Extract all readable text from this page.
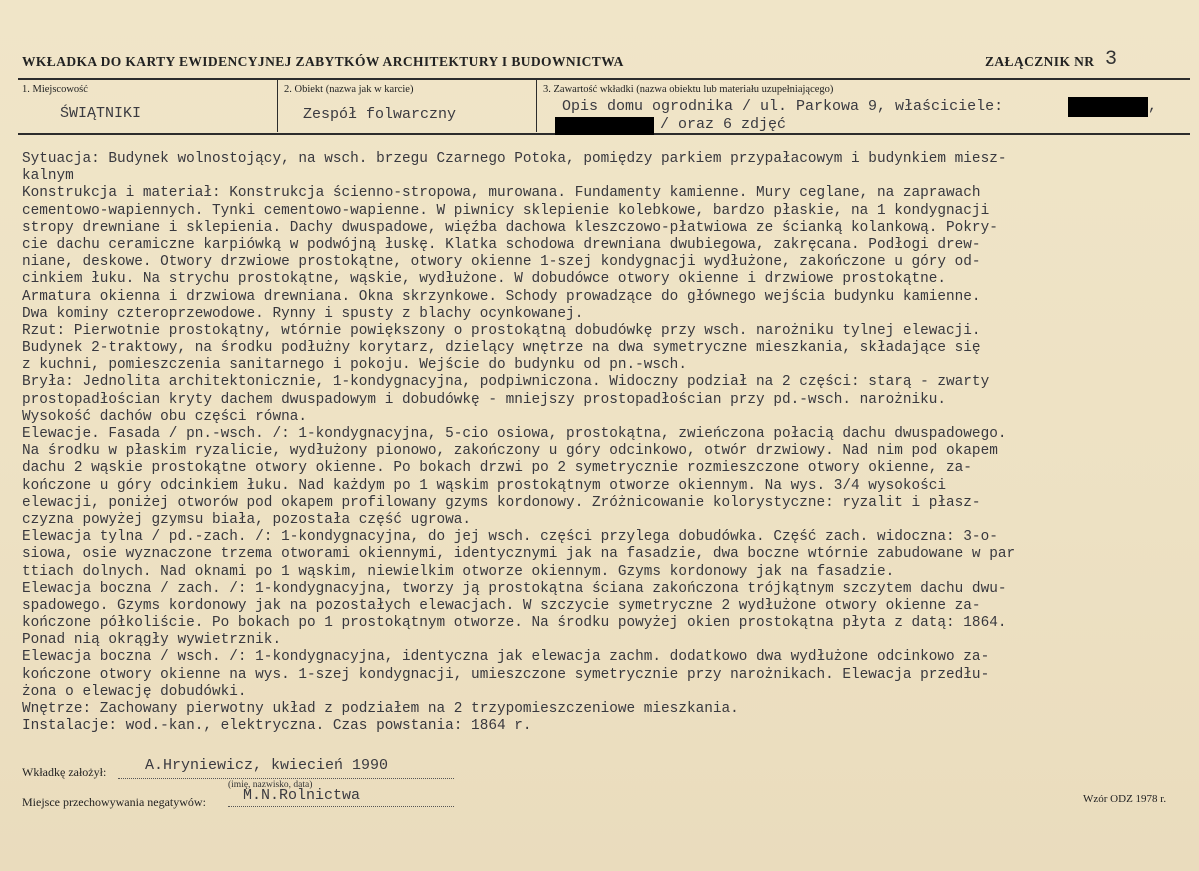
WKŁADKA DO KARTY EWIDENCYJNEJ ZABYTKÓW ARCHITEKTURY I BUDOWNICTWA	ZAŁĄCZNIK NR 3
1. Miejscowość
ŚWIĄTNIKI
2. Obiekt (nazwa jak w karcie)
Zespół folwarczny
3. Zawartość wkładki (nazwa obiektu lub materiału uzupełniającego)
Opis domu ogrodnika / ul. Parkowa 9, właściciele:	,
/ oraz 6 zdjęć
Sytuacja: Budynek wolnostojący, na wsch. brzegu Czarnego Potoka, pomiędzy parkiem przypałacowym i budynkiem miesz-
kalnym
Konstrukcja i materiał: Konstrukcja ścienno-stropowa, murowana. Fundamenty kamienne. Mury ceglane, na zaprawach
cementowo-wapiennych. Tynki cementowo-wapienne. W piwnicy sklepienie kolebkowe, bardzo płaskie, na 1 kondygnacji
stropy drewniane i sklepienia. Dachy dwuspadowe, więźba dachowa kleszczowo-płatwiowa ze ścianką kolankową. Pokry-
cie dachu ceramiczne karpiówką w podwójną łuskę. Klatka schodowa drewniana dwubiegowa, zakręcana. Podłogi drew-
niane, deskowe. Otwory drzwiowe prostokątne, otwory okienne 1-szej kondygnacji wydłużone, zakończone u góry od-
cinkiem łuku. Na strychu prostokątne, wąskie, wydłużone. W dobudówce otwory okienne i drzwiowe prostokątne.
Armatura okienna i drzwiowa drewniana. Okna skrzynkowe. Schody prowadzące do głównego wejścia budynku kamienne.
Dwa kominy czteroprzewodowe. Rynny i spusty z blachy ocynkowanej.
Rzut: Pierwotnie prostokątny, wtórnie powiększony o prostokątną dobudówkę przy wsch. narożniku tylnej elewacji.
Budynek 2-traktowy, na środku podłużny korytarz, dzielący wnętrze na dwa symetryczne mieszkania, składające się
z kuchni, pomieszczenia sanitarnego i pokoju. Wejście do budynku od pn.-wsch.
Bryła: Jednolita architektonicznie, 1-kondygnacyjna, podpiwniczona. Widoczny podział na 2 części: starą - zwarty
prostopadłościan kryty dachem dwuspadowym i dobudówkę - mniejszy prostopadłościan przy pd.-wsch. narożniku.
Wysokość dachów obu części równa.
Elewacje. Fasada / pn.-wsch. /: 1-kondygnacyjna, 5-cio osiowa, prostokątna, zwieńczona połacią dachu dwuspadowego.
Na środku w płaskim ryzalicie, wydłużony pionowo, zakończony u góry odcinkowo, otwór drzwiowy. Nad nim pod okapem
dachu 2 wąskie prostokątne otwory okienne. Po bokach drzwi po 2 symetrycznie rozmieszczone otwory okienne, za-
kończone u góry odcinkiem łuku. Nad każdym po 1 wąskim prostokątnym otworze okiennym. Na wys. 3/4 wysokości
elewacji, poniżej otworów pod okapem profilowany gzyms kordonowy. Zróżnicowanie kolorystyczne: ryzalit i płasz-
czyzna powyżej gzymsu biała, pozostała część ugrowa.
Elewacja tylna / pd.-zach. /: 1-kondygnacyjna, do jej wsch. części przylega dobudówka. Część zach. widoczna: 3-o-
siowa, osie wyznaczone trzema otworami okiennymi, identycznymi jak na fasadzie, dwa boczne wtórnie zabudowane w par
ttiach dolnych. Nad oknami po 1 wąskim, niewielkim otworze okiennym. Gzyms kordonowy jak na fasadzie.
Elewacja boczna / zach. /: 1-kondygnacyjna, tworzy ją prostokątna ściana zakończona trójkątnym szczytem dachu dwu-
spadowego. Gzyms kordonowy jak na pozostałych elewacjach. W szczycie symetryczne 2 wydłużone otwory okienne za-
kończone półkoliście. Po bokach po 1 prostokątnym otworze. Na środku powyżej okien prostokątna płyta z datą: 1864.
Ponad nią okrągły wywietrznik.
Elewacja boczna / wsch. /: 1-kondygnacyjna, identyczna jak elewacja zachm. dodatkowo dwa wydłużone odcinkowo za-
kończone otwory okienne na wys. 1-szej kondygnacji, umieszczone symetrycznie przy narożnikach. Elewacja przedłu-
żona o elewację dobudówki.
Wnętrze: Zachowany pierwotny układ z podziałem na 2 trzypomieszczeniowe mieszkania.
Instalacje: wod.-kan., elektryczna. Czas powstania: 1864 r.
Wkładkę założył:	A.Hryniewicz, kwiecień 1990
(imię, nazwisko, data)
Miejsce przechowywania negatywów: M.N.Rolnictwa	Wzór ODZ 1978 r.
